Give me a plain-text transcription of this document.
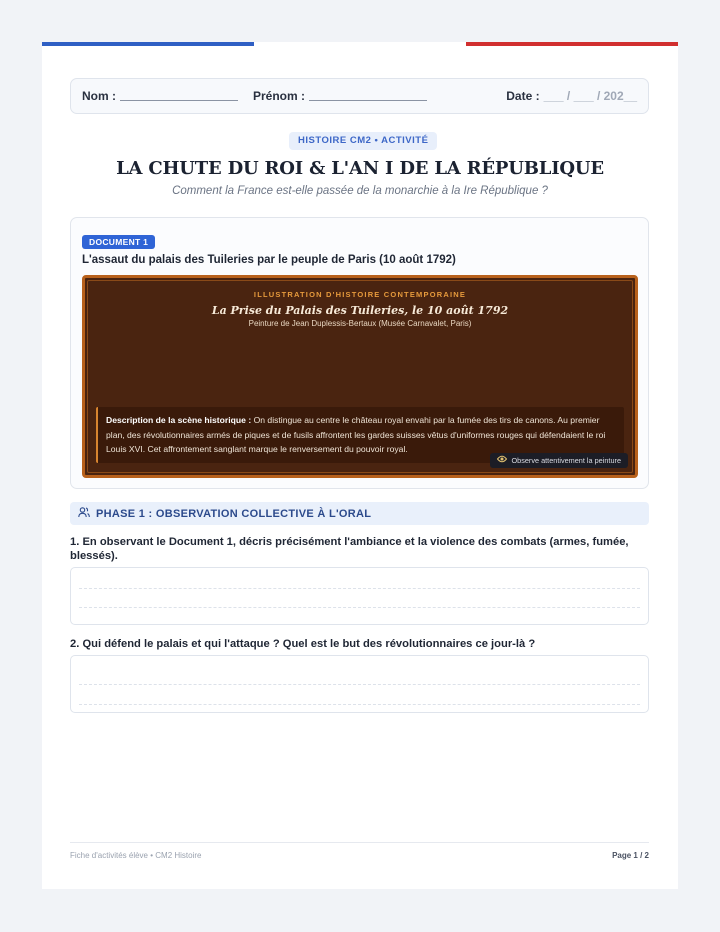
Nom :	Prénom :	Date : ___ / ___ / 202__
HISTOIRE CM2 • ACTIVITÉ
LA CHUTE DU ROI & L'AN I DE LA RÉPUBLIQUE
Comment la France est-elle passée de la monarchie à la Ire République ?
DOCUMENT 1
L'assaut du palais des Tuileries par le peuple de Paris (10 août 1792)
ILLUSTRATION D'HISTOIRE CONTEMPORAINE
La Prise du Palais des Tuileries, le 10 août 1792
Peinture de Jean Duplessis-Bertaux (Musée Carnavalet, Paris)
Description de la scène historique : On distingue au centre le château royal envahi par la fumée des tirs de canons. Au premier plan, des révolutionnaires armés de piques et de fusils affrontent les gardes suisses vêtus d'uniformes rouges qui défendaient le roi Louis XVI. Cet affrontement sanglant marque le renversement du pouvoir royal.
Observe attentivement la peinture
PHASE 1 : OBSERVATION COLLECTIVE À L'ORAL
1. En observant le Document 1, décris précisément l'ambiance et la violence des combats (armes, fumée, blessés).
2. Qui défend le palais et qui l'attaque ? Quel est le but des révolutionnaires ce jour-là ?
Fiche d'activités élève • CM2 Histoire	Page 1 / 2
